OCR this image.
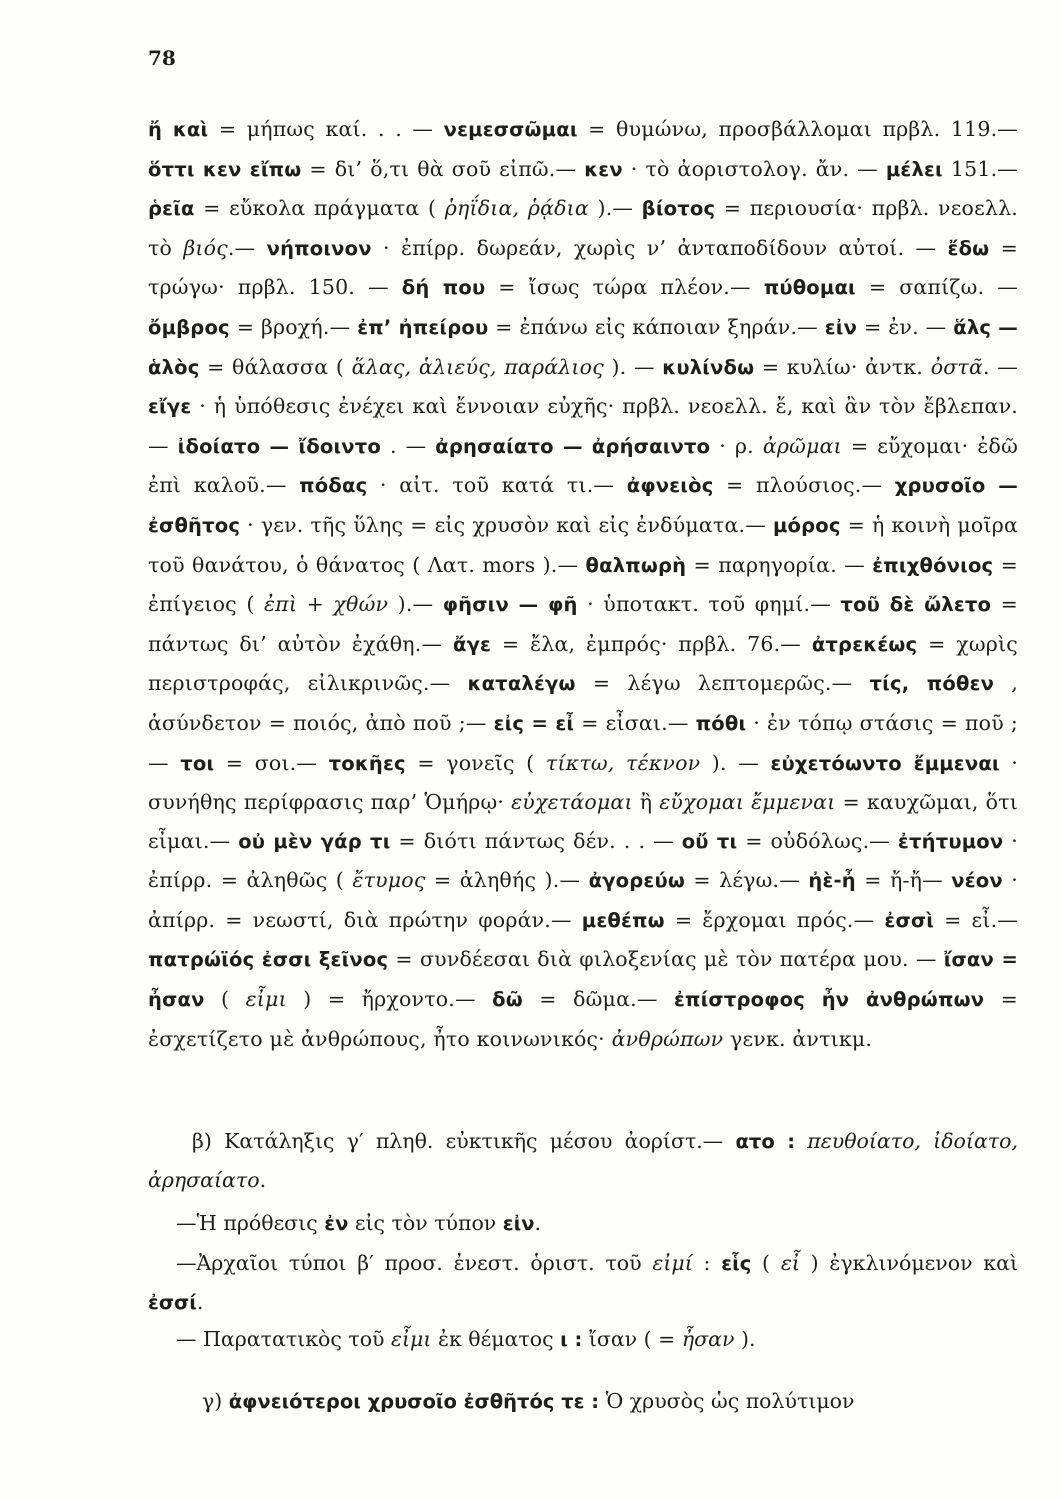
78
ἤ καὶ = μήπως καί. . . — νεμεσσῶμαι = θυμώνω, προσβάλλομαι πρβλ. 119.— ὅττι κεν εἴπω = δι’ ὅ,τι θὰ σοῦ εἰπῶ.— κεν · τὸ ἀοριστολογ. ἄν. — μέλει 151.— ῥεῖα = εὔκολα πράγματα ( ῥηΐδια, ῥᾴδια ).— βίοτος = περιουσία· πρβλ. νεοελλ. τὸ βιός.— νήποινον · ἐπίρρ. δωρεάν, χωρὶς ν’ ἀνταποδίδουν αὐτοί. — ἔδω = τρώγω· πρβλ. 150. — δή που = ἴσως τώρα πλέον.— πύθομαι = σαπίζω. — ὄμβρος = βροχή.— ἐπ’ ἠπείρου = ἐπάνω εἰς κάποιαν ξηράν.— εἰν = ἐν. — ἅλς — ἁλὸς = θάλασσα ( ἅλας, ἁλιεύς, παράλιος ). — κυλίνδω = κυλίω· ἀντκ. ὀστᾶ. —εἴγε · ἡ ὑπόθεσις ἐνέχει καὶ ἔννοιαν εὐχῆς· πρβλ. νεοελλ. ἔ, καὶ ἂν τὸν ἔβλεπαν.— ἰδοίατο — ἴδοιντο . — ἀρησαίατο — ἀρήσαιντο · ρ. ἀρῶμαι = εὔχομαι· ἐδῶ ἐπὶ καλοῦ.— πόδας · αἰτ. τοῦ κατά τι.— ἀφνειὸς = πλούσιος.— χρυσοῖο — ἐσθῆτος · γεν. τῆς ὕλης = εἰς χρυσὸν καὶ εἰς ἐνδύματα.— μόρος = ἡ κοινὴ μοῖρα τοῦ θανάτου, ὁ θάνατος ( Λατ. mors ).— θαλπωρὴ = παρηγορία. — ἐπιχθόνιος = ἐπίγειος ( ἐπὶ + χθών ).— φῆσιν — φῆ · ὑποτακτ. τοῦ φημί.— τοῦ δὲ ὤλετο = πάντως δι’ αὐτὸν ἐχάθη.— ἄγε = ἔλα, ἐμπρός· πρβλ. 76.— ἀτρεκέως = χωρὶς περιστροφάς, εἰλικρινῶς.— καταλέγω = λέγω λεπτομερῶς.— τίς, πόθεν , ἀσύνδετον = ποιός, ἀπὸ ποῦ ;— εἰς = εἶ = εἶσαι.— πόθι · ἐν τόπῳ στάσις = ποῦ ; — τοι = σοι.— τοκῆες = γονεῖς ( τίκτω, τέκνον ). — εὐχετόωντο ἔμμεναι · συνήθης περίφρασις παρ’ Ὁμήρῳ· εὐχετάομαι ἢ εὔχομαι ἔμμεναι = καυχῶμαι, ὅτι εἶμαι.— οὐ μὲν γάρ τι = διότι πάντως δέν. . . — οὔ τι = οὐδόλως.— ἐτήτυμον · ἐπίρρ. = ἀληθῶς ( ἔτυμος = ἀληθής ).— ἀγορεύω = λέγω.— ἠὲ-ἦ = ἤ-ἤ— νέον · ἀπίρρ. = νεωστί, διὰ πρώτην φοράν.— μεθέπω = ἔρχομαι πρός.— ἐσσὶ = εἶ.— πατρώϊός ἐσσι ξεῖνος = συνδέεσαι διὰ φιλοξενίας μὲ τὸν πατέρα μου. — ἴσαν = ἦσαν ( εἶμι ) = ἤρχοντο.— δῶ = δῶμα.— ἐπίστροφος ἦν ἀνθρώπων = ἐσχετίζετο μὲ ἀνθρώπους, ἦτο κοινωνικός· ἀνθρώπων γενκ. ἀντικμ.
β) Κατάληξις γ′ πληθ. εὐκτικῆς μέσου ἀορίστ.— ατο : πευθοίατο, ἰδοίατο, ἀρησαίατο.
—Ἡ πρόθεσις ἐν εἰς τὸν τύπον εἰν.
—Ἀρχαῖοι τύποι β′ προσ. ἐνεστ. ὁριστ. τοῦ εἰμί : εἷς ( εἶ ) ἐγκλινόμενον καὶ ἐσσί.
— Παρατατικὸς τοῦ εἶμι ἐκ θέματος ι : ἴσαν ( = ἦσαν ).
γ) ἀφνειότεροι χρυσοῖο ἐσθῆτός τε : Ὁ χρυσὸς ὡς πολύτιμον
